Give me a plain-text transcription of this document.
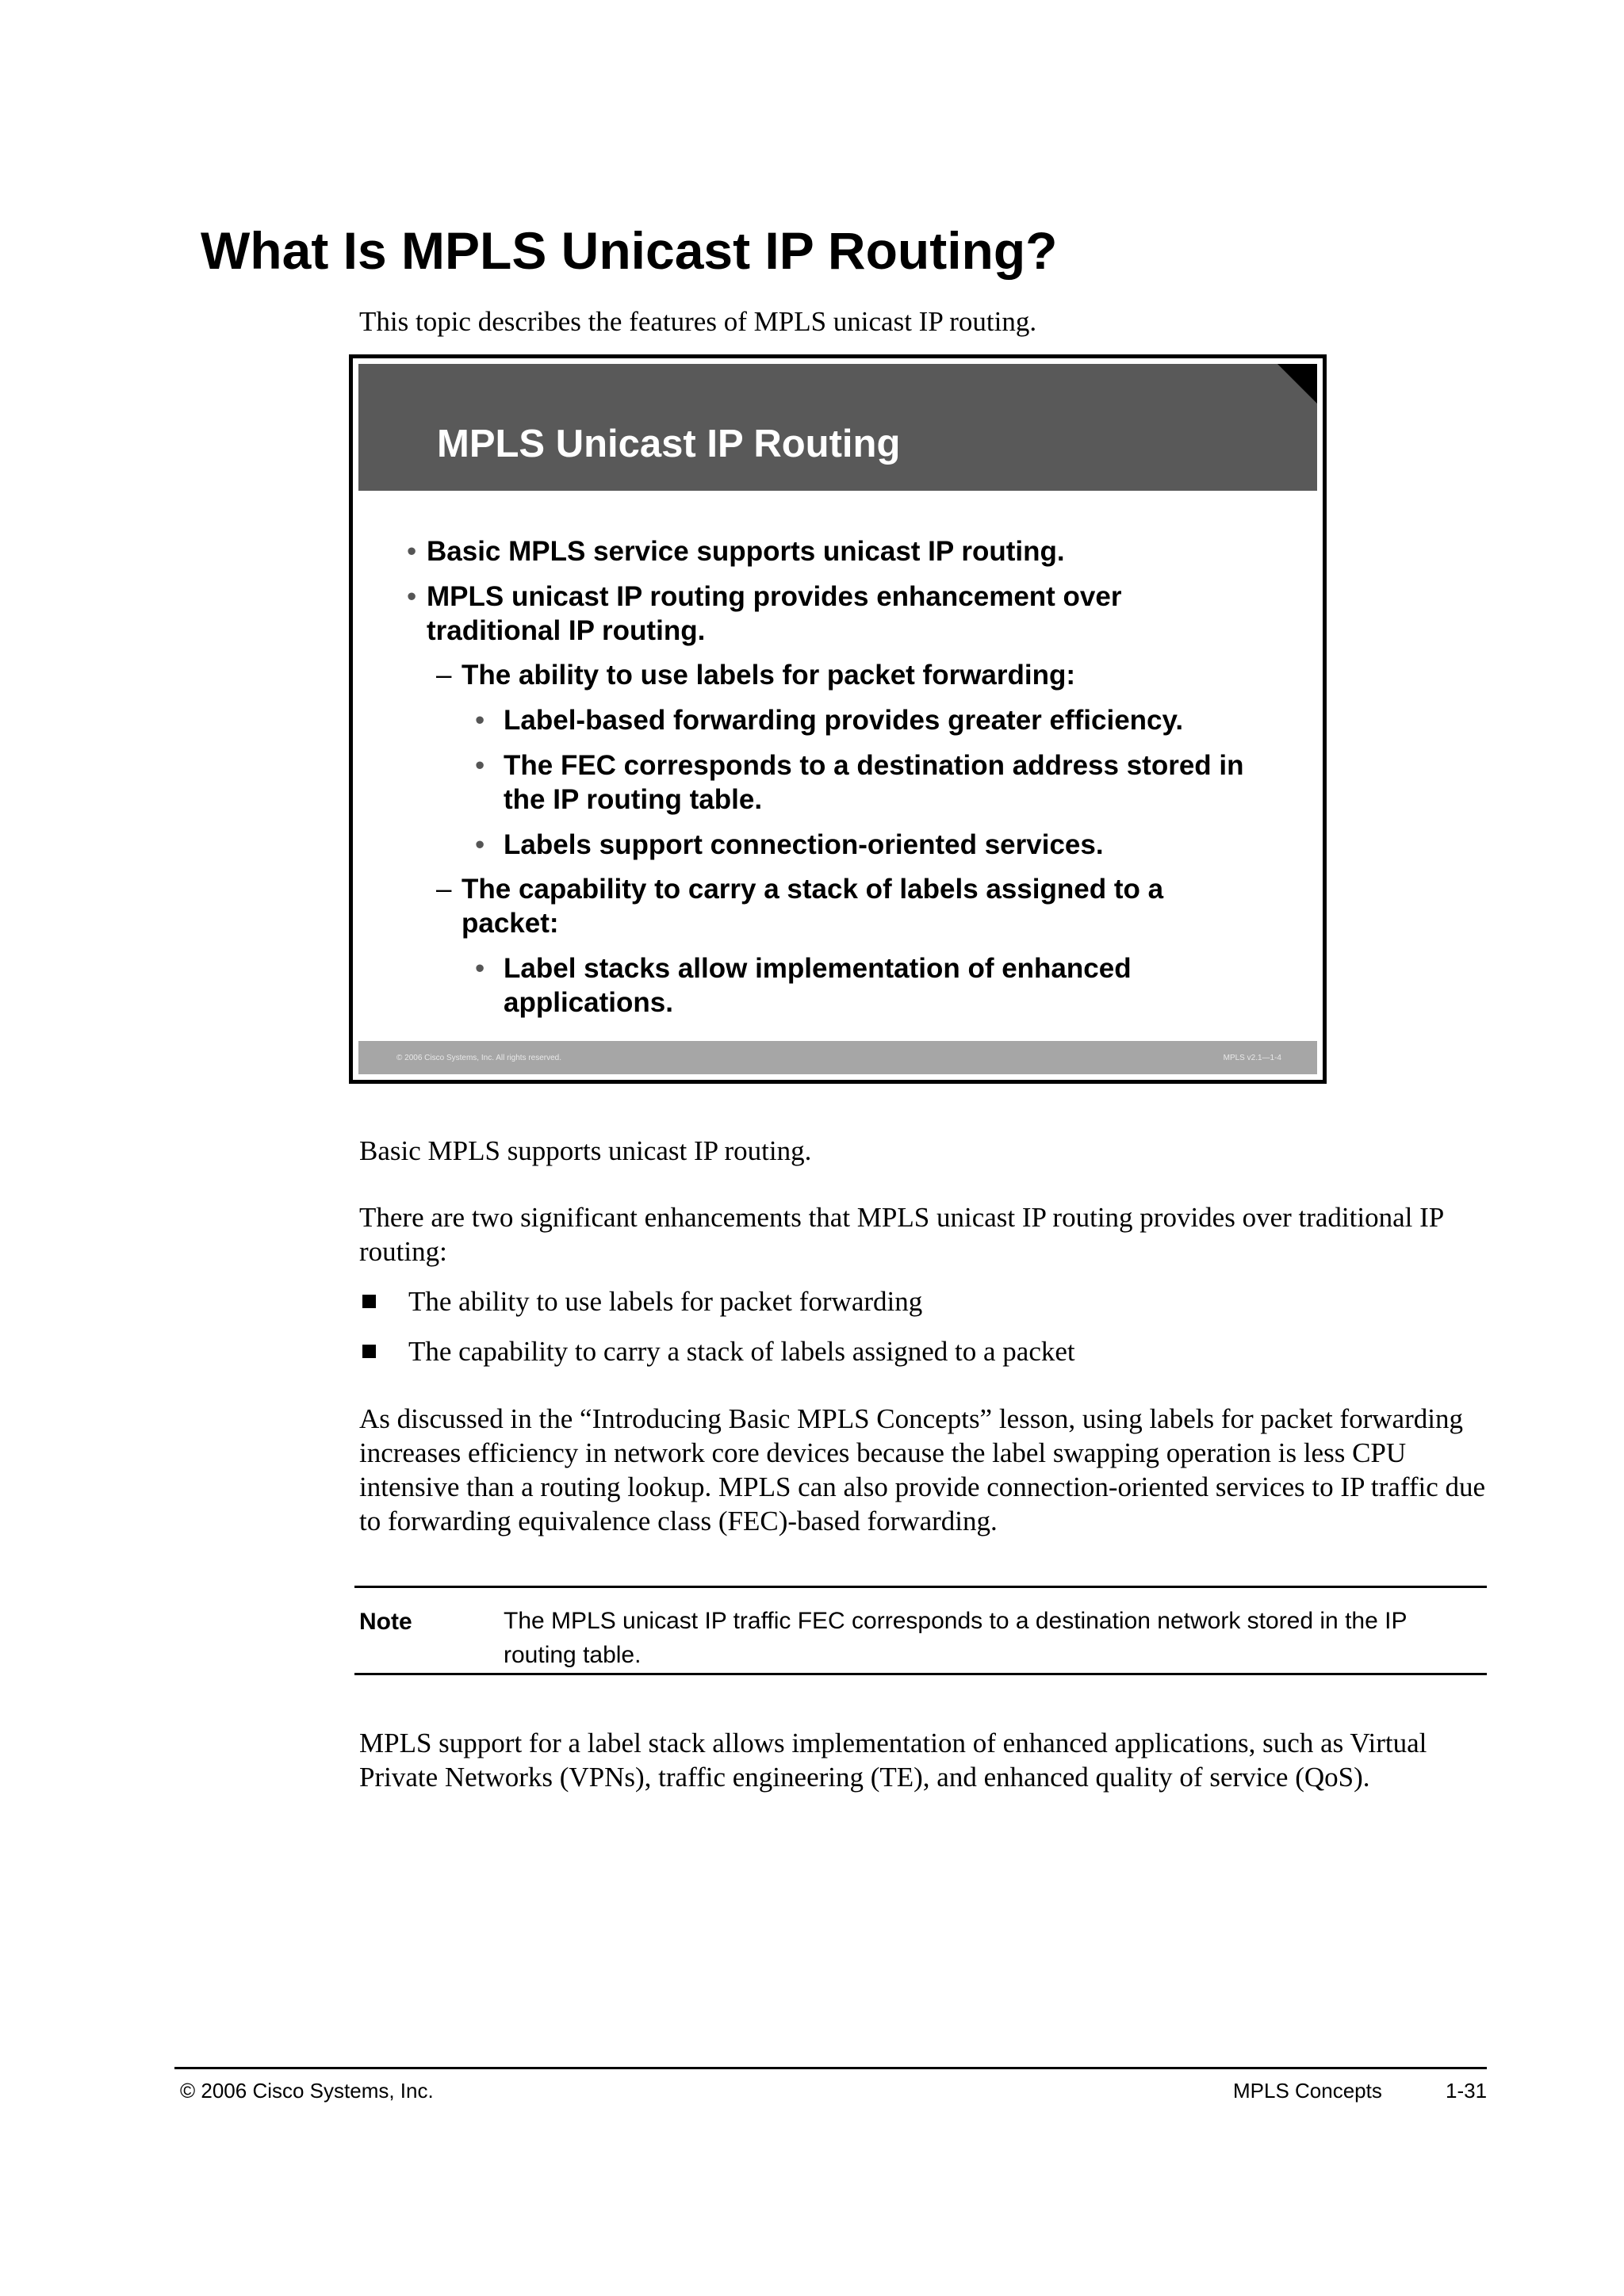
What Is MPLS Unicast IP Routing?
This topic describes the features of MPLS unicast IP routing.
MPLS Unicast IP Routing
• Basic MPLS service supports unicast IP routing.
• MPLS unicast IP routing provides enhancement over traditional IP routing.
– The ability to use labels for packet forwarding:
• Label-based forwarding provides greater efficiency.
• The FEC corresponds to a destination address stored in the IP routing table.
• Labels support connection-oriented services.
– The capability to carry a stack of labels assigned to a packet:
• Label stacks allow implementation of enhanced applications.
© 2006 Cisco Systems, Inc. All rights reserved.	MPLS v2.1—1-4

Basic MPLS supports unicast IP routing.

There are two significant enhancements that MPLS unicast IP routing provides over traditional IP routing:

The ability to use labels for packet forwarding
The capability to carry a stack of labels assigned to a packet

As discussed in the “Introducing Basic MPLS Concepts” lesson, using labels for packet forwarding increases efficiency in network core devices because the label swapping operation is less CPU intensive than a routing lookup. MPLS can also provide connection-oriented services to IP traffic due to forwarding equivalence class (FEC)-based forwarding.

Note	The MPLS unicast IP traffic FEC corresponds to a destination network stored in the IP routing table.

MPLS support for a label stack allows implementation of enhanced applications, such as Virtual Private Networks (VPNs), traffic engineering (TE), and enhanced quality of service (QoS).

© 2006 Cisco Systems, Inc.	MPLS Concepts	1-31
